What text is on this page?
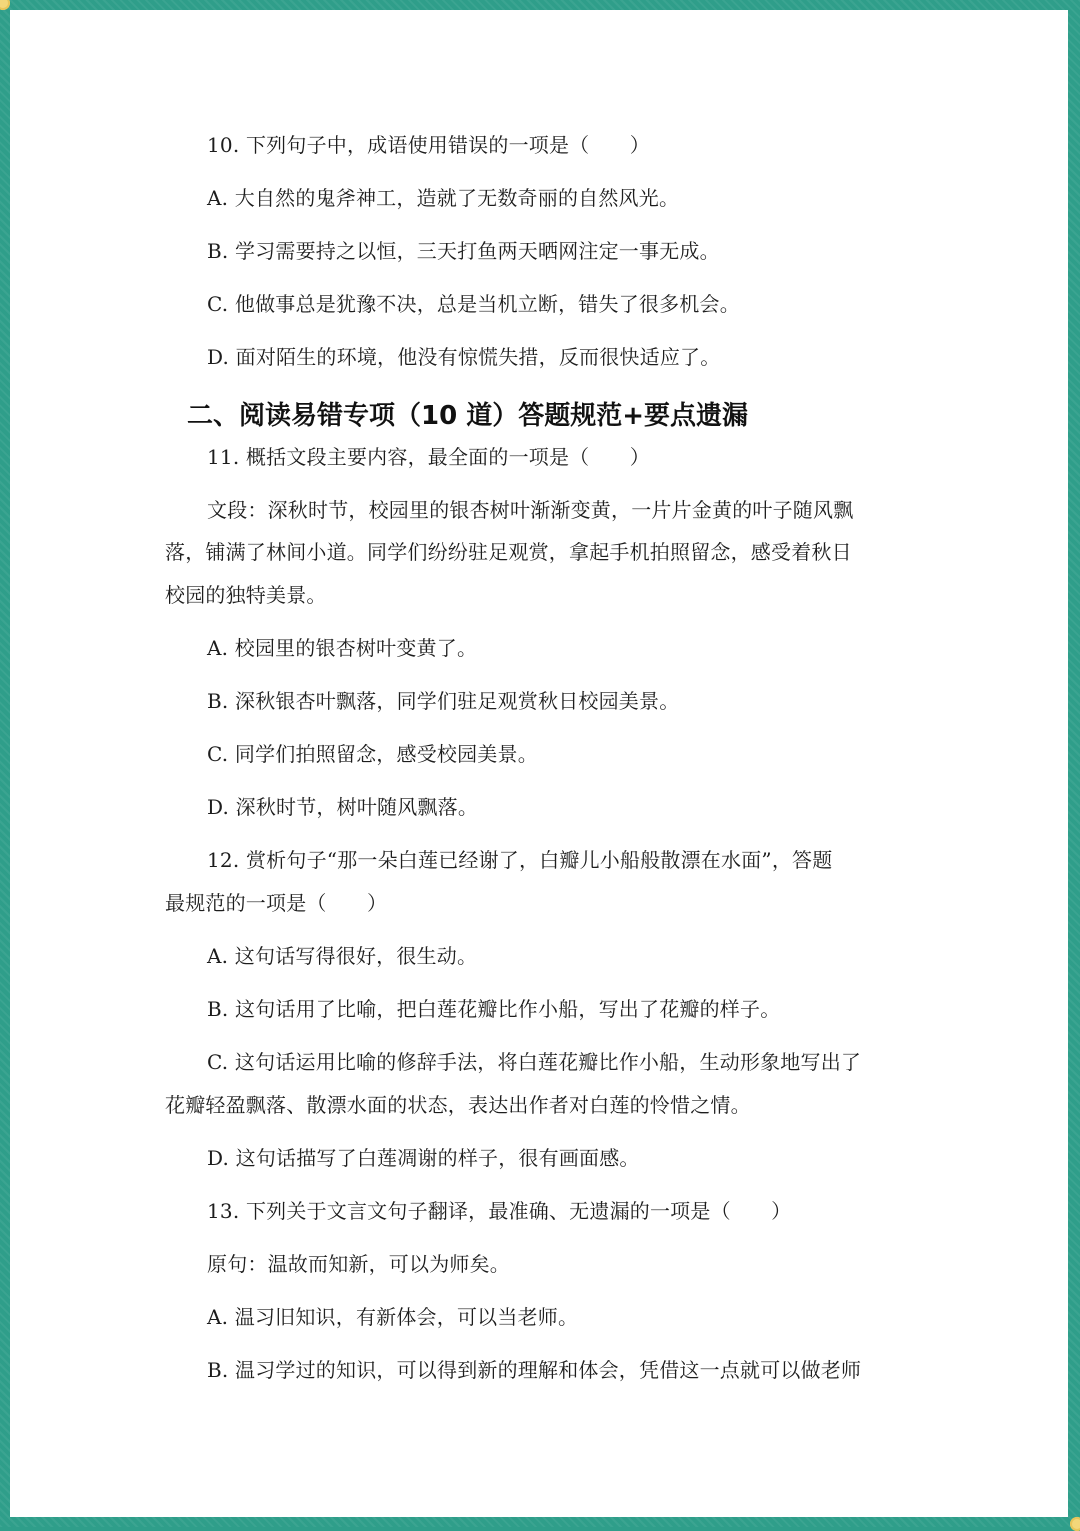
10. 下列句子中，成语使用错误的一项是（　　）
A. 大自然的鬼斧神工，造就了无数奇丽的自然风光。
B. 学习需要持之以恒，三天打鱼两天晒网注定一事无成。
C. 他做事总是犹豫不决，总是当机立断，错失了很多机会。
D. 面对陌生的环境，他没有惊慌失措，反而很快适应了。
二、阅读易错专项（10 道）答题规范+要点遗漏
11. 概括文段主要内容，最全面的一项是（　　）
文段：深秋时节，校园里的银杏树叶渐渐变黄，一片片金黄的叶子随风飘
落，铺满了林间小道。同学们纷纷驻足观赏，拿起手机拍照留念，感受着秋日
校园的独特美景。
A. 校园里的银杏树叶变黄了。
B. 深秋银杏叶飘落，同学们驻足观赏秋日校园美景。
C. 同学们拍照留念，感受校园美景。
D. 深秋时节，树叶随风飘落。
12. 赏析句子“那一朵白莲已经谢了，白瓣儿小船般散漂在水面”，答题
最规范的一项是（　　）
A. 这句话写得很好，很生动。
B. 这句话用了比喻，把白莲花瓣比作小船，写出了花瓣的样子。
C. 这句话运用比喻的修辞手法，将白莲花瓣比作小船，生动形象地写出了
花瓣轻盈飘落、散漂水面的状态，表达出作者对白莲的怜惜之情。
D. 这句话描写了白莲凋谢的样子，很有画面感。
13. 下列关于文言文句子翻译，最准确、无遗漏的一项是（　　）
原句：温故而知新，可以为师矣。
A. 温习旧知识，有新体会，可以当老师。
B. 温习学过的知识，可以得到新的理解和体会，凭借这一点就可以做老师
